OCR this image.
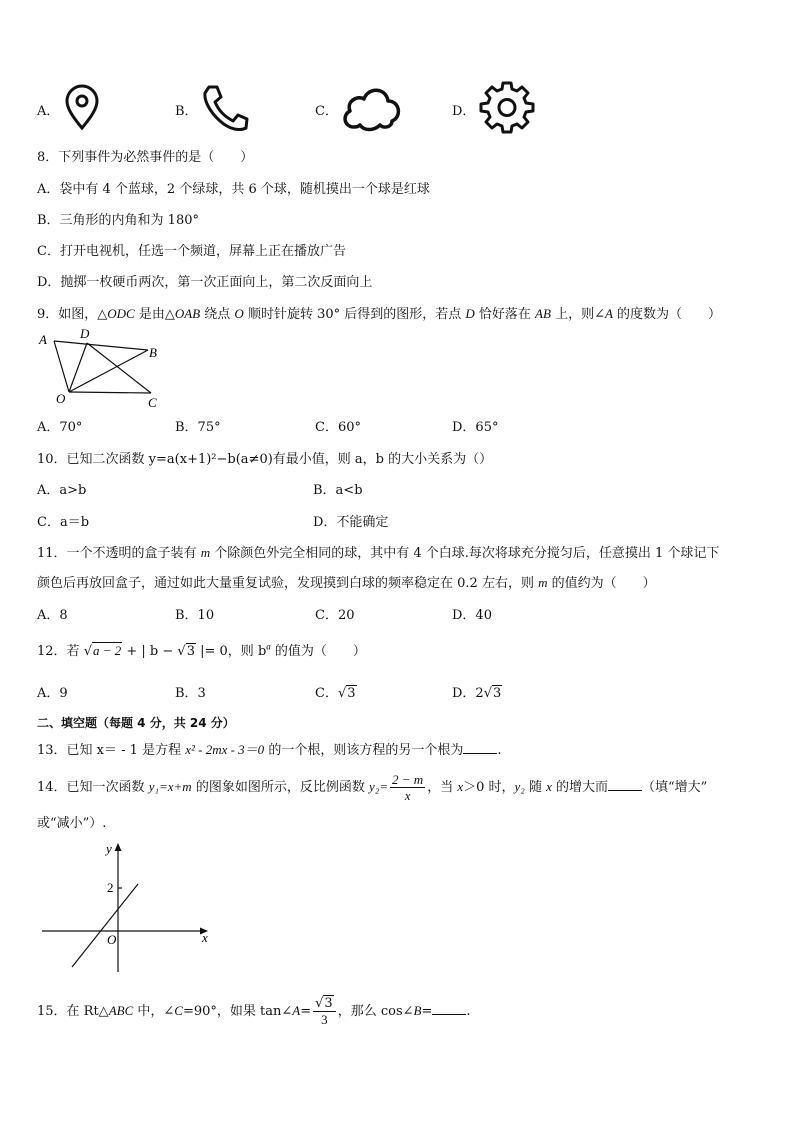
A．	B．	C．	D．
8．下列事件为必然事件的是（　　）
A．袋中有 4 个蓝球，2 个绿球，共 6 个球，随机摸出一个球是红球
B．三角形的内角和为 180°
C．打开电视机，任选一个频道，屏幕上正在播放广告
D．抛掷一枚硬币两次，第一次正面向上，第二次反面向上
9．如图，△ODC 是由△OAB 绕点 O 顺时针旋转 30° 后得到的图形，若点 D 恰好落在 AB 上，则∠A 的度数为（　　）
A	D
B
O	C
A．70°	B．75°	C．60°	D．65°
10．已知二次函数 y=a(x+1)²−b(a≠0)有最小值，则 a，b 的大小关系为（）
A．a>b	B．a<b
C．a＝b	D．不能确定
11．一个不透明的盒子装有 m 个除颜色外完全相同的球，其中有 4 个白球.每次将球充分搅匀后，任意摸出 1 个球记下
颜色后再放回盒子，通过如此大量重复试验，发现摸到白球的频率稳定在 0.2 左右，则 m 的值约为（　　）
A．8	B．10	C．20	D．40
12．若 √a − 2 + | b − √3 |= 0，则 $b^a$ 的值为（　　）
A．9	B．3	C．√3	D．2√3
二、填空题（每题 4 分，共 24 分）
13．已知 x＝ - 1 是方程 x² - 2mx - 3＝0 的一个根，则该方程的另一个根为	.
14．已知一次函数 y₁=x+m 的图象如图所示，反比例函数 $y_2= \frac{2 - m}{x}$ ，当 x＞0 时，y₂ 随 x 的增大而	（填“增大”
或“减小”）.
y
x
O
2
15．在 Rt△ABC 中，∠C=90°，如果 tan∠A= $\frac{√3}{3}$ ，那么 cos∠B=	.
